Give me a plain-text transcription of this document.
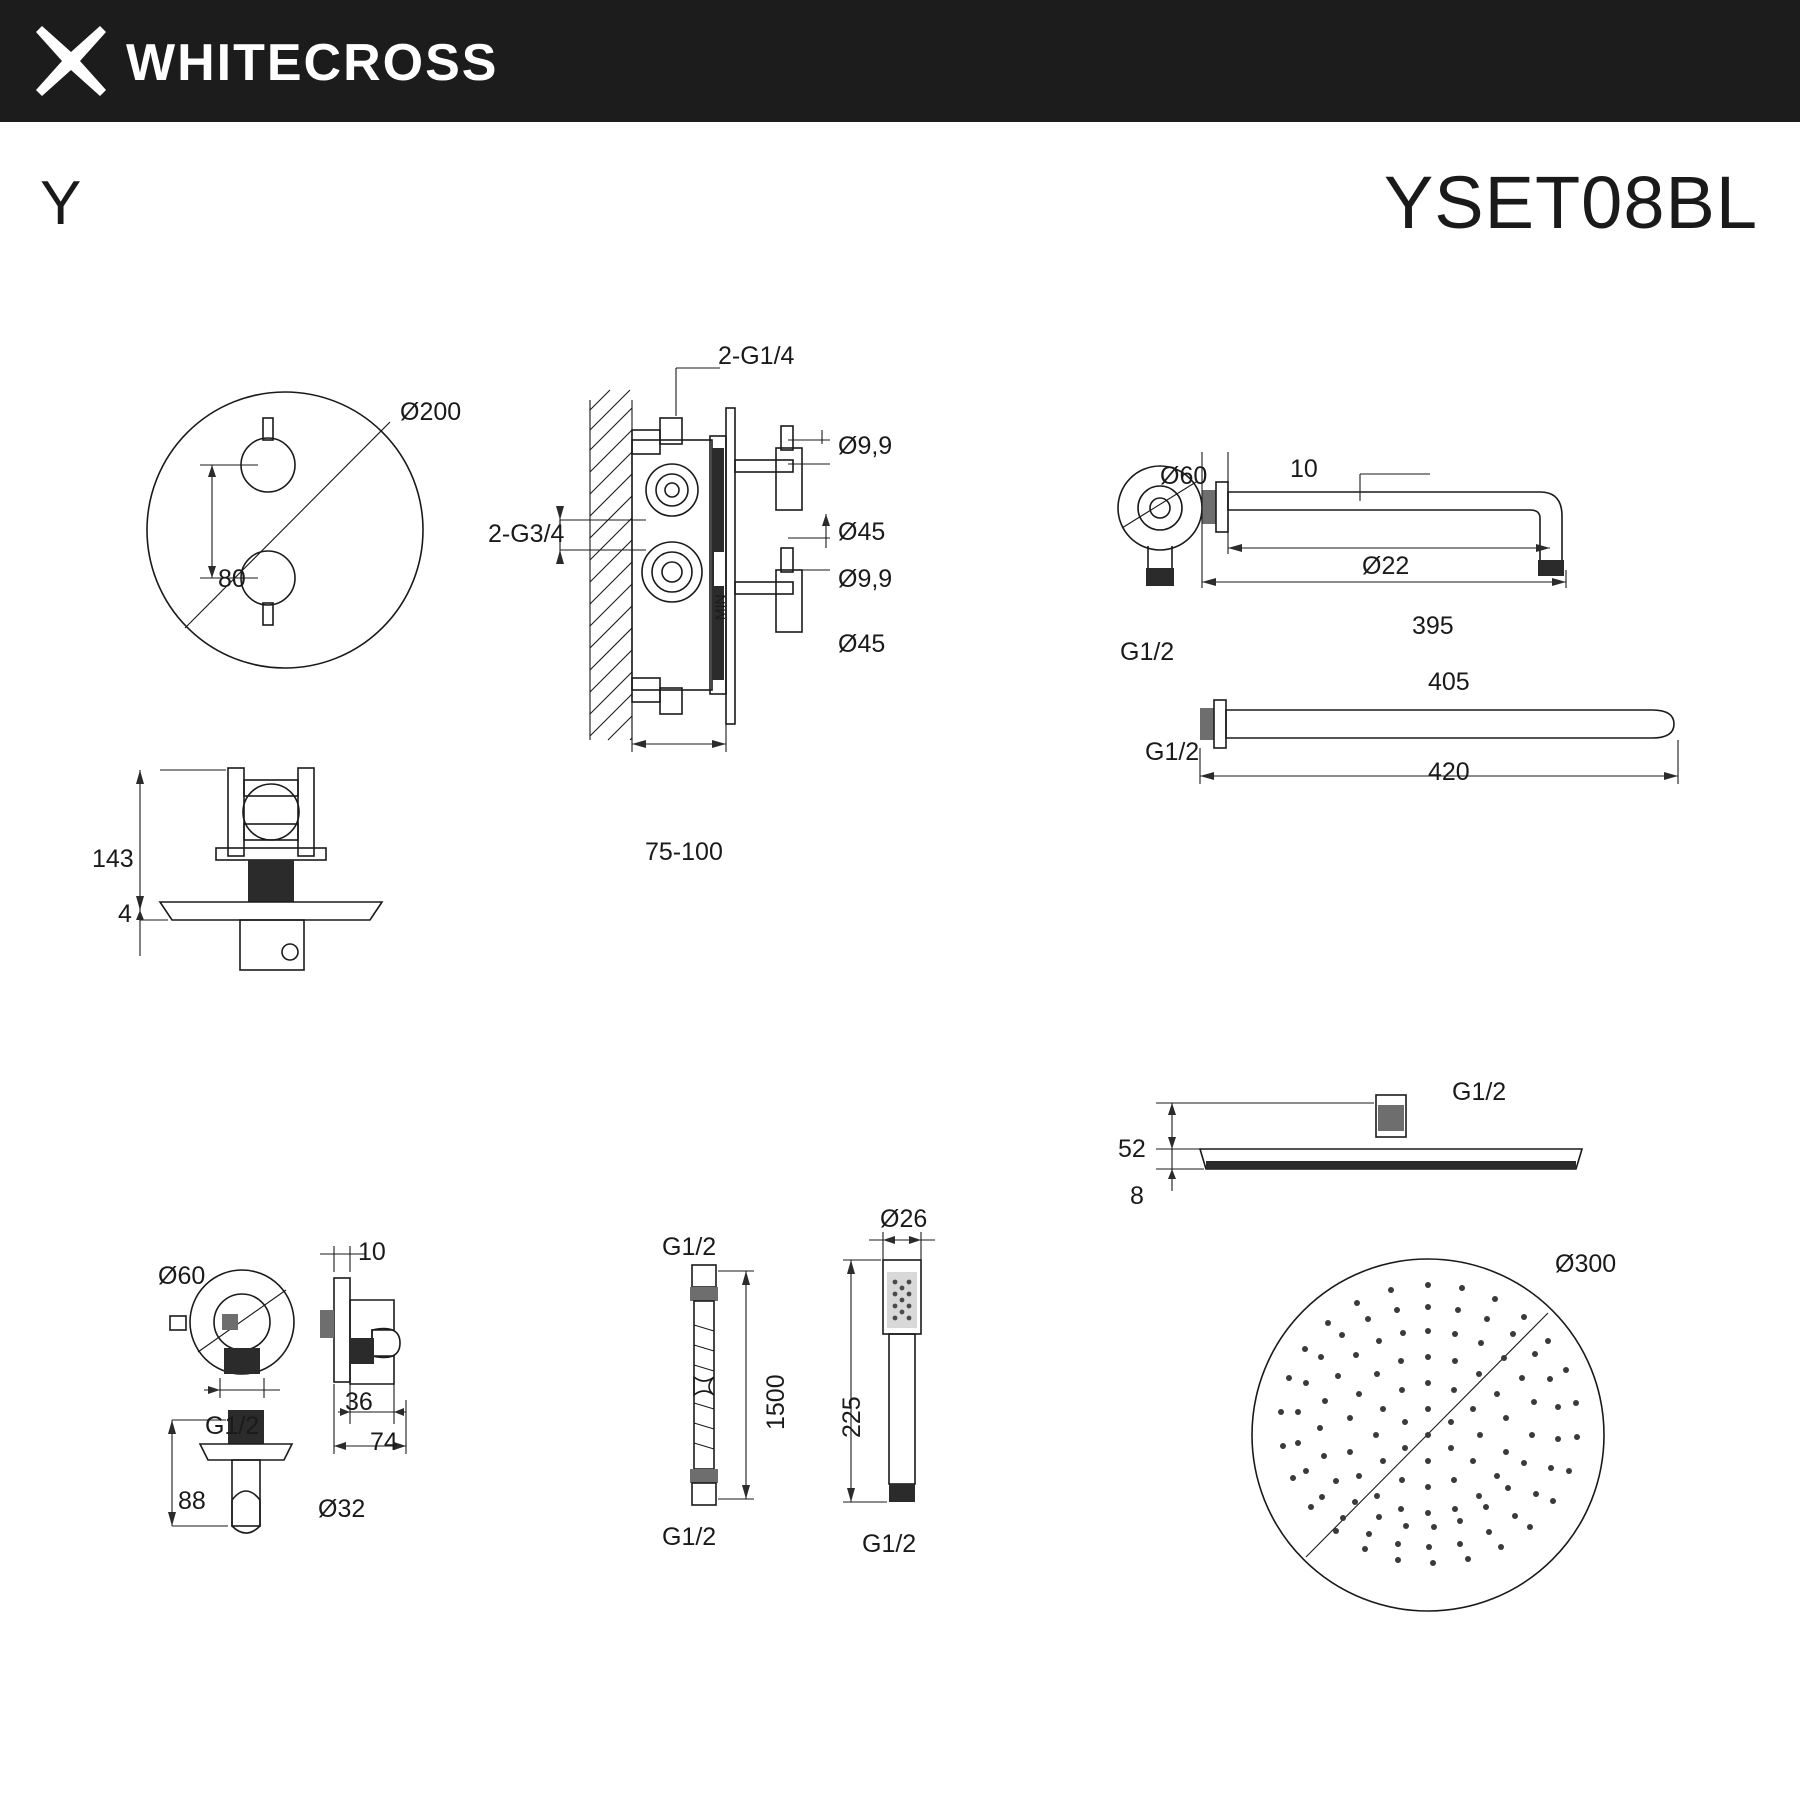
WHITECROSS
Y	YSET08BL
Ø200
80
2-G1/4
2-G3/4
Ø9,9
Ø45
Ø9,9
Ø45
75-100
MIN
143
4
Ø60	10
Ø22
395
405
G1/2
G1/2
420
Ø60
G1/2
88	Ø32
10
36
74
G1/2
1500
G1/2
Ø26
225
G1/2
G1/2
52
8
Ø300
